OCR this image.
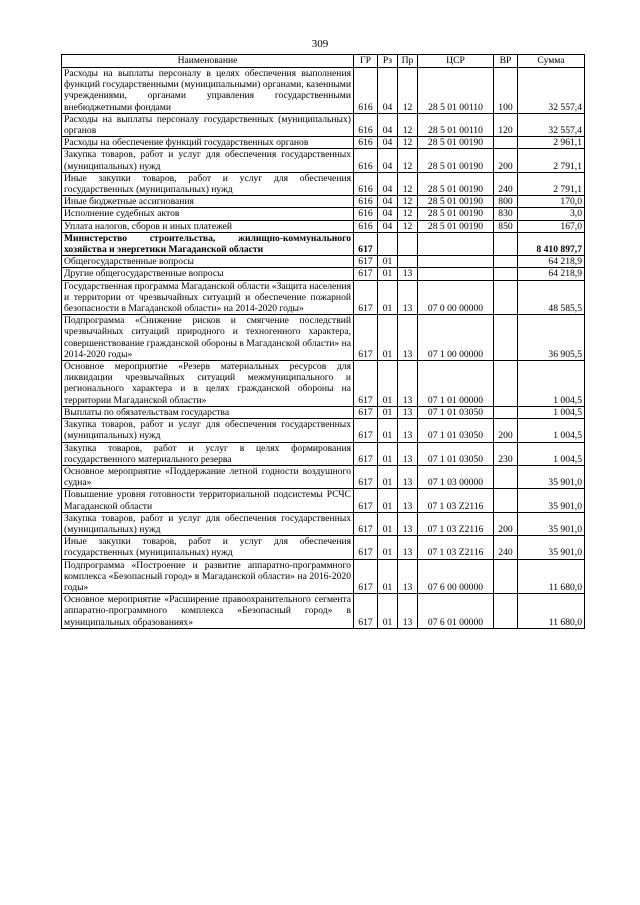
309
Наименование	ГР	Рз	Пр	ЦСР	ВР	Сумма
Расходы на выплаты персоналу в целях обеспечения выполнения функций государственными (муниципальными) органами, казенными учреждениями, органами управления государственными внебюджетными фондами	616	04	12	28 5 01 00110	100	32 557,4
Расходы на выплаты персоналу государственных (муниципальных) органов	616	04	12	28 5 01 00110	120	32 557,4
Расходы на обеспечение функций государственных органов	616	04	12	28 5 01 00190		2 961,1
Закупка товаров, работ и услуг для обеспечения государственных (муниципальных) нужд	616	04	12	28 5 01 00190	200	2 791,1
Иные закупки товаров, работ и услуг для обеспечения государственных (муниципальных) нужд	616	04	12	28 5 01 00190	240	2 791,1
Иные бюджетные ассигнования	616	04	12	28 5 01 00190	800	170,0
Исполнение судебных актов	616	04	12	28 5 01 00190	830	3,0
Уплата налогов, сборов и иных платежей	616	04	12	28 5 01 00190	850	167,0
Министерство строительства, жилищно-коммунального хозяйства и энергетики Магаданской области	617					8 410 897,7
Общегосударственные вопросы	617	01				64 218,9
Другие общегосударственные вопросы	617	01	13			64 218,9
Государственная программа Магаданской области «Защита населения и территории от чрезвычайных ситуаций и обеспечение пожарной безопасности в Магаданской области» на 2014-2020 годы»	617	01	13	07 0 00 00000		48 585,5
Подпрограмма «Снижение рисков и смягчение последствий чрезвычайных ситуаций природного и техногенного характера, совершенствование гражданской обороны в Магаданской области» на 2014-2020 годы»	617	01	13	07 1 00 00000		36 905,5
Основное мероприятие «Резерв материальных ресурсов для ликвидации чрезвычайных ситуаций межмуниципального и регионального характера и в целях гражданской обороны на территории Магаданской области»	617	01	13	07 1 01 00000		1 004,5
Выплаты по обязательствам государства	617	01	13	07 1 01 03050		1 004,5
Закупка товаров, работ и услуг для обеспечения государственных (муниципальных) нужд	617	01	13	07 1 01 03050	200	1 004,5
Закупка товаров, работ и услуг в целях формирования государственного материального резерва	617	01	13	07 1 01 03050	230	1 004,5
Основное мероприятие «Поддержание летной годности воздушного судна»	617	01	13	07 1 03 00000		35 901,0
Повышение уровня готовности территориальной подсистемы РСЧС Магаданской области	617	01	13	07 1 03 Z2116		35 901,0
Закупка товаров, работ и услуг для обеспечения государственных (муниципальных) нужд	617	01	13	07 1 03 Z2116	200	35 901,0
Иные закупки товаров, работ и услуг для обеспечения государственных (муниципальных) нужд	617	01	13	07 1 03 Z2116	240	35 901,0
Подпрограмма «Построение и развитие аппаратно-программного комплекса «Безопасный город» в Магаданской области» на 2016-2020 годы»	617	01	13	07 6 00 00000		11 680,0
Основное мероприятие «Расширение правоохранительного сегмента аппаратно-программного комплекса «Безопасный город» в муниципальных образованиях»	617	01	13	07 6 01 00000		11 680,0
